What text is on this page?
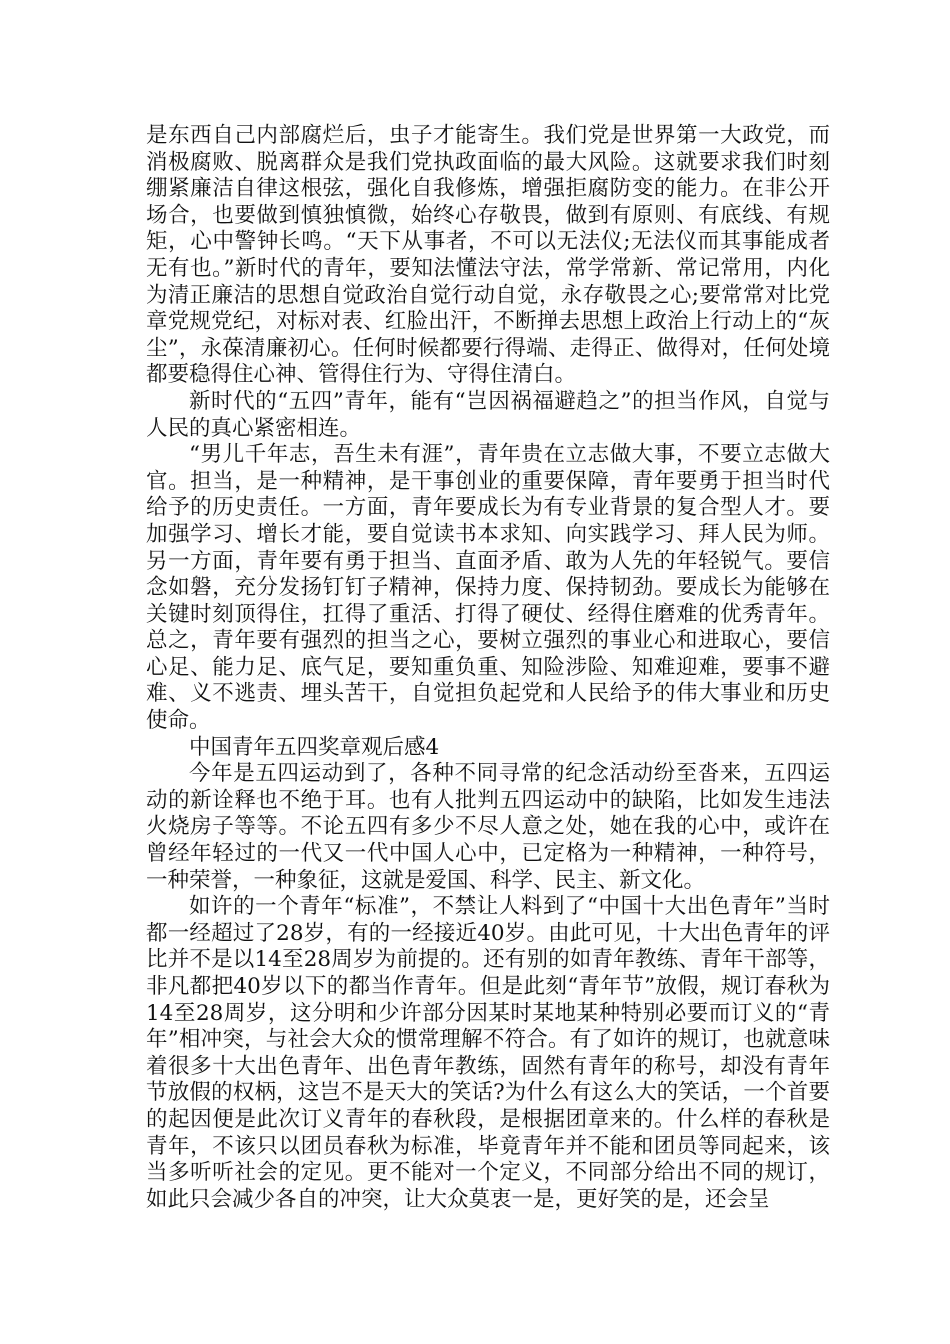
是东西自己内部腐烂后，虫子才能寄生。我们党是世界第一大政党，而消极腐败、脱离群众是我们党执政面临的最大风险。这就要求我们时刻绷紧廉洁自律这根弦，强化自我修炼，增强拒腐防变的能力。在非公开场合，也要做到慎独慎微，始终心存敬畏，做到有原则、有底线、有规矩，心中警钟长鸣。“天下从事者，不可以无法仪;无法仪而其事能成者无有也。”新时代的青年，要知法懂法守法，常学常新、常记常用，内化为清正廉洁的思想自觉政治自觉行动自觉，永存敬畏之心;要常常对比党章党规党纪，对标对表、红脸出汗，不断掸去思想上政治上行动上的“灰尘”，永葆清廉初心。任何时候都要行得端、走得正、做得对，任何处境都要稳得住心神、管得住行为、守得住清白。

新时代的“五四”青年，能有“岂因祸福避趋之”的担当作风，自觉与人民的真心紧密相连。

“男儿千年志，吾生未有涯”，青年贵在立志做大事，不要立志做大官。担当，是一种精神，是干事创业的重要保障，青年要勇于担当时代给予的历史责任。一方面，青年要成长为有专业背景的复合型人才。要加强学习、增长才能，要自觉读书本求知、向实践学习、拜人民为师。另一方面，青年要有勇于担当、直面矛盾、敢为人先的年轻锐气。要信念如磐，充分发扬钉钉子精神，保持力度、保持韧劲。要成长为能够在关键时刻顶得住，扛得了重活、打得了硬仗、经得住磨难的优秀青年。总之，青年要有强烈的担当之心，要树立强烈的事业心和进取心，要信心足、能力足、底气足，要知重负重、知险涉险、知难迎难，要事不避难、义不逃责、埋头苦干，自觉担负起党和人民给予的伟大事业和历史使命。

中国青年五四奖章观后感4

今年是五四运动到了，各种不同寻常的纪念活动纷至沓来，五四运动的新诠释也不绝于耳。也有人批判五四运动中的缺陷，比如发生违法火烧房子等等。不论五四有多少不尽人意之处，她在我的心中，或许在曾经年轻过的一代又一代中国人心中，已定格为一种精神，一种符号，一种荣誉，一种象征，这就是爱国、科学、民主、新文化。

如许的一个青年“标准”，不禁让人料到了“中国十大出色青年”当时都一经超过了28岁，有的一经接近40岁。由此可见，十大出色青年的评比并不是以14至28周岁为前提的。还有别的如青年教练、青年干部等，非凡都把40岁以下的都当作青年。但是此刻“青年节”放假，规订春秋为14至28周岁，这分明和少许部分因某时某地某种特别必要而订义的“青年”相冲突，与社会大众的惯常理解不符合。有了如许的规订，也就意味着很多十大出色青年、出色青年教练，固然有青年的称号，却没有青年节放假的权柄，这岂不是天大的笑话?为什么有这么大的笑话，一个首要的起因便是此次订义青年的春秋段，是根据团章来的。什么样的春秋是青年，不该只以团员春秋为标准，毕竟青年并不能和团员等同起来，该当多听听社会的定见。更不能对一个定义，不同部分给出不同的规订，如此只会减少各自的冲突，让大众莫衷一是，更好笑的是，还会呈
